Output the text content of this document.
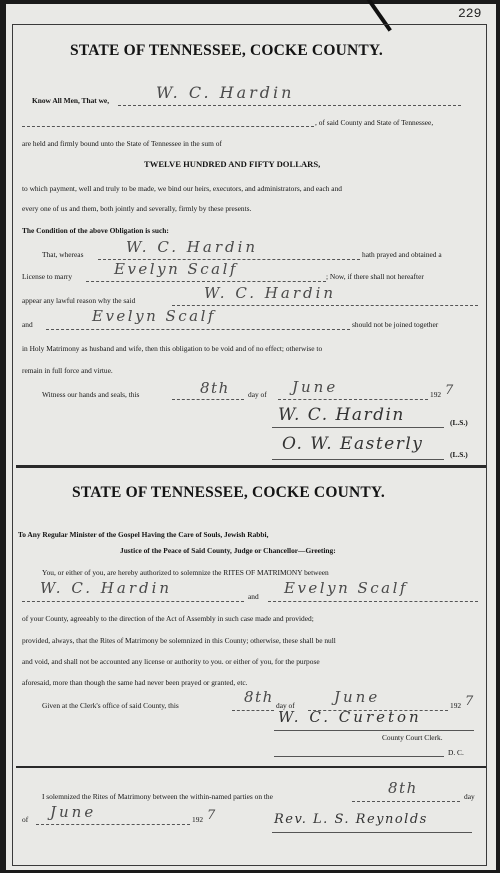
229
STATE OF TENNESSEE, COCKE COUNTY.
Know All Men, That we,	W. C. Hardin
, of said County and State of Tennessee,
are held and firmly bound unto the State of Tennessee in the sum of
TWELVE HUNDRED AND FIFTY DOLLARS,
to which payment, well and truly to be made, we bind our heirs, executors, and administrators, and each and
every one of us and them, both jointly and severally, firmly by these presents.
The Condition of the above Obligation is such:
That, whereas	W. C. Hardin	hath prayed and obtained a
License to marry	Evelyn Scalf	; Now, if there shall not hereafter
appear any lawful reason why the said	W. C. Hardin
and	Evelyn Scalf	should not be joined together
in Holy Matrimony as husband and wife, then this obligation to be void and of no effect; otherwise to
remain in full force and virtue.
Witness our hands and seals, this	8th day of June	192 7
W. C. Hardin	(L.S.)
O. W. Easterly
(L.S.)
STATE OF TENNESSEE, COCKE COUNTY.
To Any Regular Minister of the Gospel Having the Care of Souls, Jewish Rabbi,
Justice of the Peace of Said County, Judge or Chancellor—Greeting:
You, or either of you, are hereby authorized to solemnize the RITES OF MATRIMONY between
W. C. Hardin	and Evelyn Scalf
of your County, agreeably to the direction of the Act of Assembly in such case made and provided;
provided, always, that the Rites of Matrimony be solemnized in this County; otherwise, these shall be null
and void, and shall not be accounted any license or authority to you. or either of you, for the purpose
aforesaid, more than though the same had never been prayed or granted, etc.
Given at the Clerk's office of said County, this	8th day of	June	192 7
W. C. Cureton
County Court Clerk.
D. C.
I solemnized the Rites of Matrimony between the within-named parties on the	8th	day
of June	192 7	Rev. L. S. Reynolds
